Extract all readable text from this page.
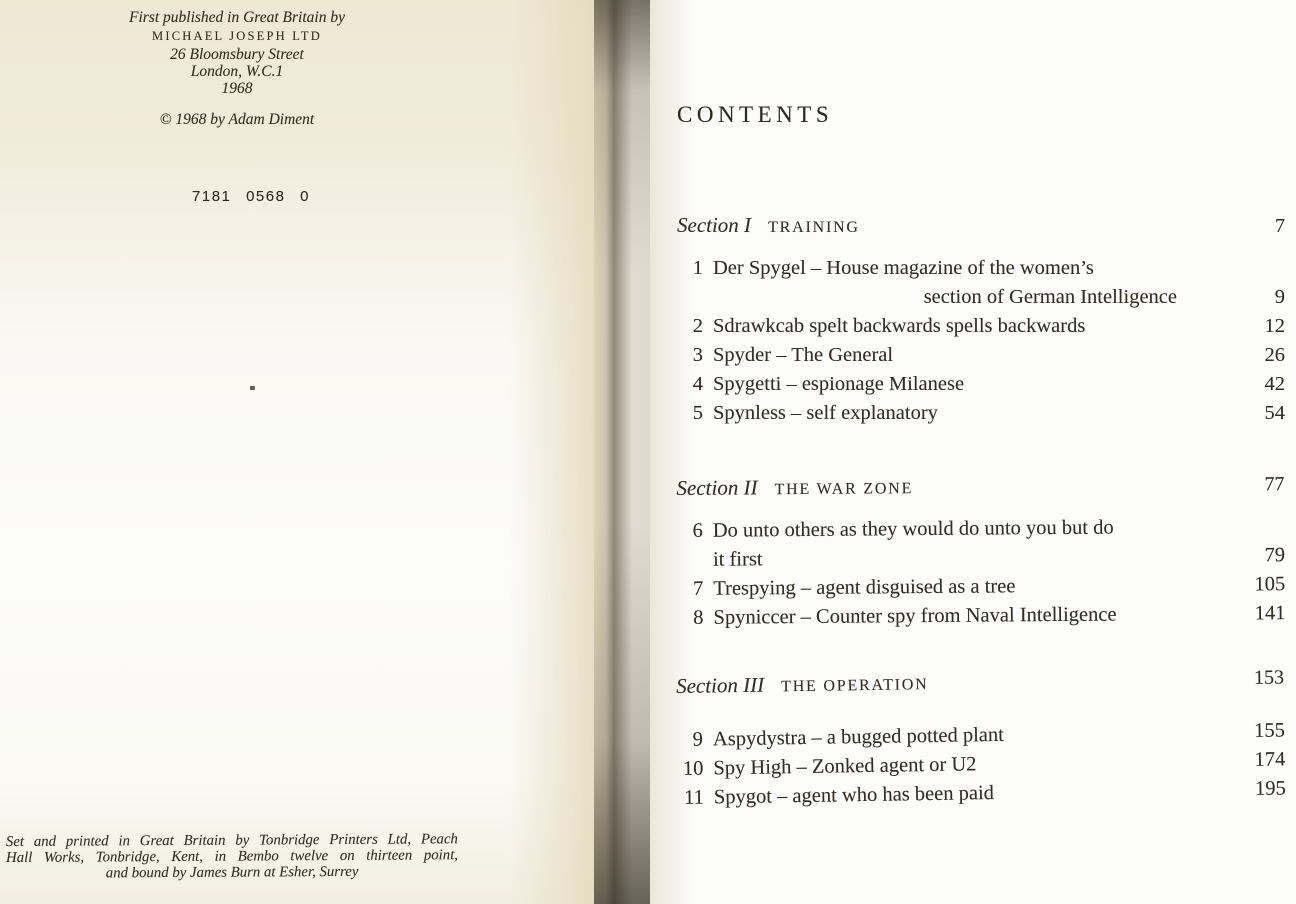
First published in Great Britain by
MICHAEL JOSEPH LTD
26 Bloomsbury Street
London, W.C.1
1968
© 1968 by Adam Diment
7181 0568 0
Set and printed in Great Britain by Tonbridge Printers Ltd, Peach
Hall Works, Tonbridge, Kent, in Bembo twelve on thirteen point,
and bound by James Burn at Esher, Surrey
CONTENTS
Section I TRAINING	7
1 Der Spygel – House magazine of the women’s
section of German Intelligence	9
2 Sdrawkcab spelt backwards spells backwards	12
3 Spyder – The General	26
4 Spygetti – espionage Milanese	42
5 Spynless – self explanatory	54
Section II THE WAR ZONE	77
6 Do unto others as they would do unto you but do
it first	79
7 Trespying – agent disguised as a tree	105
8 Spyniccer – Counter spy from Naval Intelligence	141
Section III THE OPERATION	153
9 Aspydystra – a bugged potted plant	155
10 Spy High – Zonked agent or U2	174
11 Spygot – agent who has been paid	195
